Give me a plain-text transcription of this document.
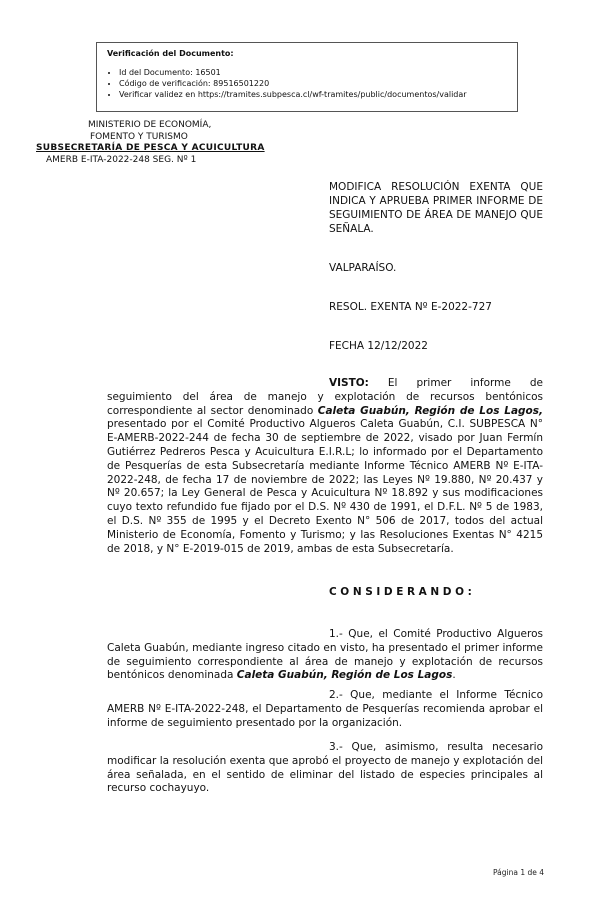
Verificación del Documento:
• Id del Documento: 16501
• Código de verificación: 89516501220
• Verificar validez en https://tramites.subpesca.cl/wf-tramites/public/documentos/validar
MINISTERIO DE ECONOMÍA,
FOMENTO Y TURISMO
SUBSECRETARÍA DE PESCA Y ACUICULTURA
AMERB E-ITA-2022-248 SEG. Nº 1
MODIFICA RESOLUCIÓN EXENTA QUE INDICA Y APRUEBA PRIMER INFORME DE SEGUIMIENTO DE ÁREA DE MANEJO QUE SEÑALA.
VALPARAÍSO.
RESOL. EXENTA Nº E-2022-727
FECHA 12/12/2022
VISTO: El primer informe de seguimiento del área de manejo y explotación de recursos bentónicos correspondiente al sector denominado Caleta Guabún, Región de Los Lagos, presentado por el Comité Productivo Algueros Caleta Guabún, C.I. SUBPESCA N° E-AMERB-2022-244 de fecha 30 de septiembre de 2022, visado por Juan Fermín Gutiérrez Pedreros Pesca y Acuicultura E.I.R.L; lo informado por el Departamento de Pesquerías de esta Subsecretaría mediante Informe Técnico AMERB Nº E-ITA-2022-248, de fecha 17 de noviembre de 2022; las Leyes Nº 19.880, Nº 20.437 y Nº 20.657; la Ley General de Pesca y Acuicultura Nº 18.892 y sus modificaciones cuyo texto refundido fue fijado por el D.S. Nº 430 de 1991, el D.F.L. Nº 5 de 1983, el D.S. Nº 355 de 1995 y el Decreto Exento N° 506 de 2017, todos del actual Ministerio de Economía, Fomento y Turismo; y las Resoluciones Exentas N° 4215 de 2018, y N° E-2019-015 de 2019, ambas de esta Subsecretaría.
CONSIDERANDO:
1.- Que, el Comité Productivo Algueros Caleta Guabún, mediante ingreso citado en visto, ha presentado el primer informe de seguimiento correspondiente al área de manejo y explotación de recursos bentónicos denominada Caleta Guabún, Región de Los Lagos.
2.- Que, mediante el Informe Técnico AMERB Nº E-ITA-2022-248, el Departamento de Pesquerías recomienda aprobar el informe de seguimiento presentado por la organización.
3.- Que, asimismo, resulta necesario modificar la resolución exenta que aprobó el proyecto de manejo y explotación del área señalada, en el sentido de eliminar del listado de especies principales al recurso cochayuyo.
Página 1 de 4
